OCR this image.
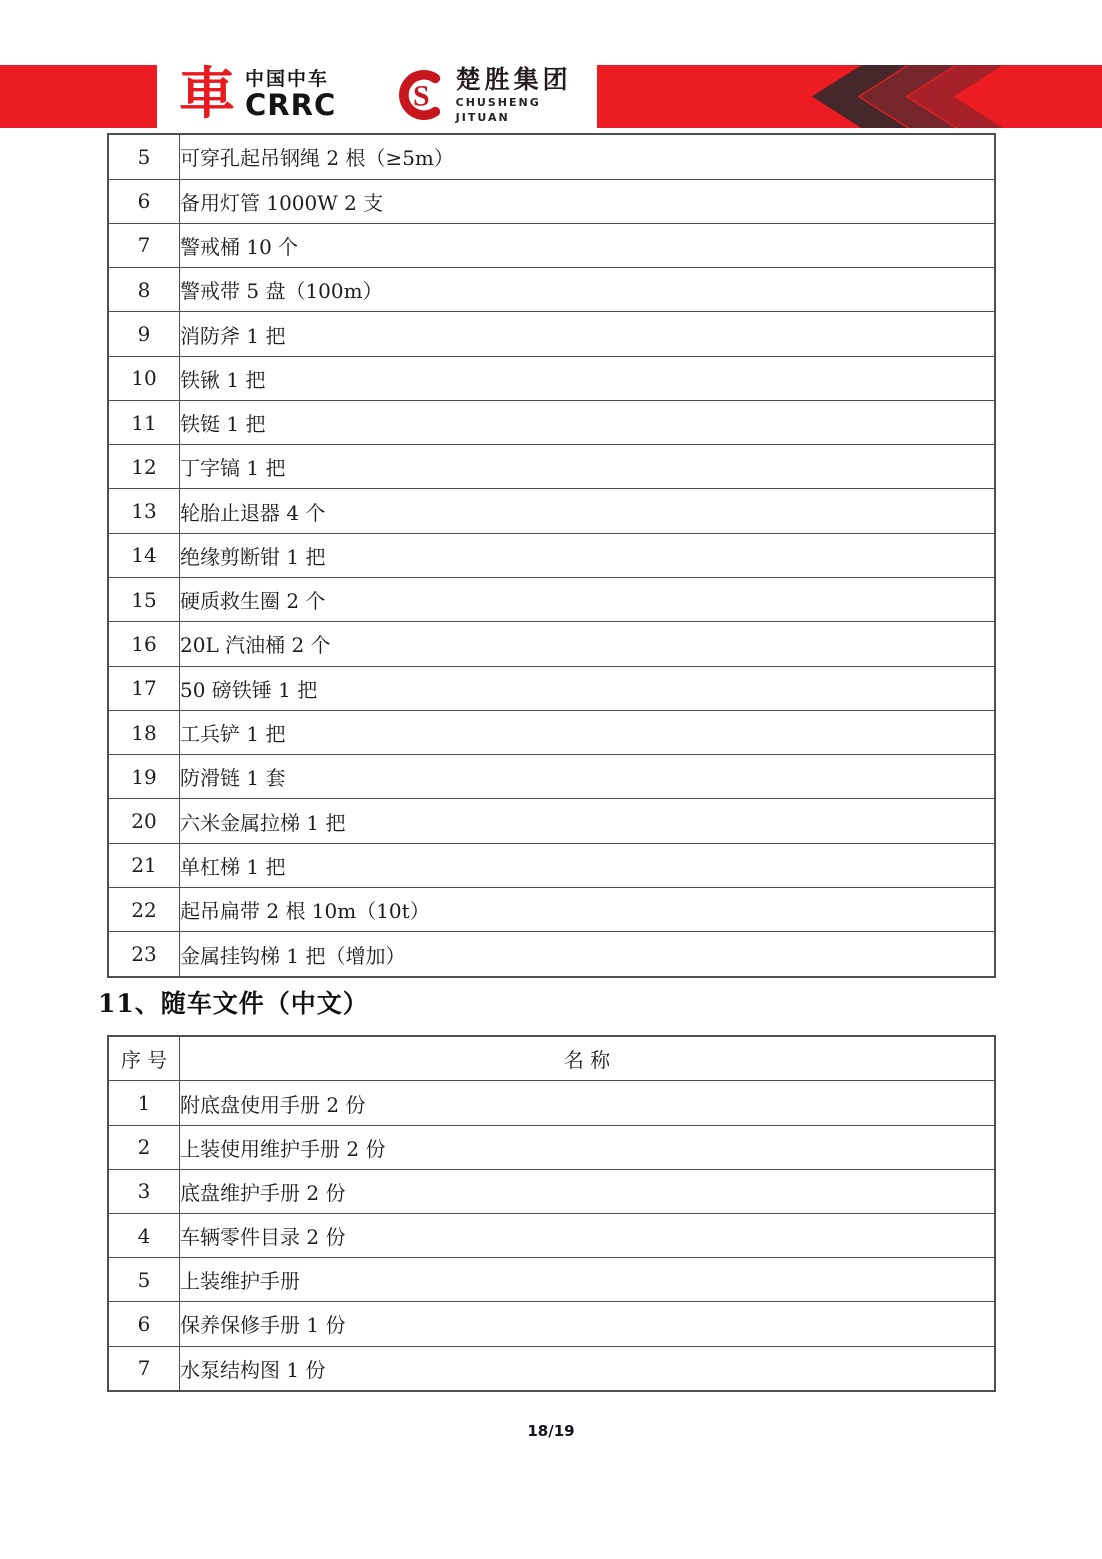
車 中国中车
CRRC S
楚胜集团
CHUSHENG JITUAN
5	可穿孔起吊钢绳 2 根（≥5m）
6	备用灯管 1000W 2 支
7	警戒桶 10 个
8	警戒带 5 盘（100m）
9	消防斧 1 把
10	铁锹 1 把
11	铁铤 1 把
12	丁字镐 1 把
13	轮胎止退器 4 个
14	绝缘剪断钳 1 把
15	硬质救生圈 2 个
16	20L 汽油桶 2 个
17	50 磅铁锤 1 把
18	工兵铲 1 把
19	防滑链 1 套
20	六米金属拉梯 1 把
21	单杠梯 1 把
22	起吊扁带 2 根 10m（10t）
23	金属挂钩梯 1 把（增加）
11、随车文件（中文）
序 号	名 称
1	附底盘使用手册 2 份
2	上装使用维护手册 2 份
3	底盘维护手册 2 份
4	车辆零件目录 2 份
5	上装维护手册
6	保养保修手册 1 份
7	水泵结构图 1 份
18/19
